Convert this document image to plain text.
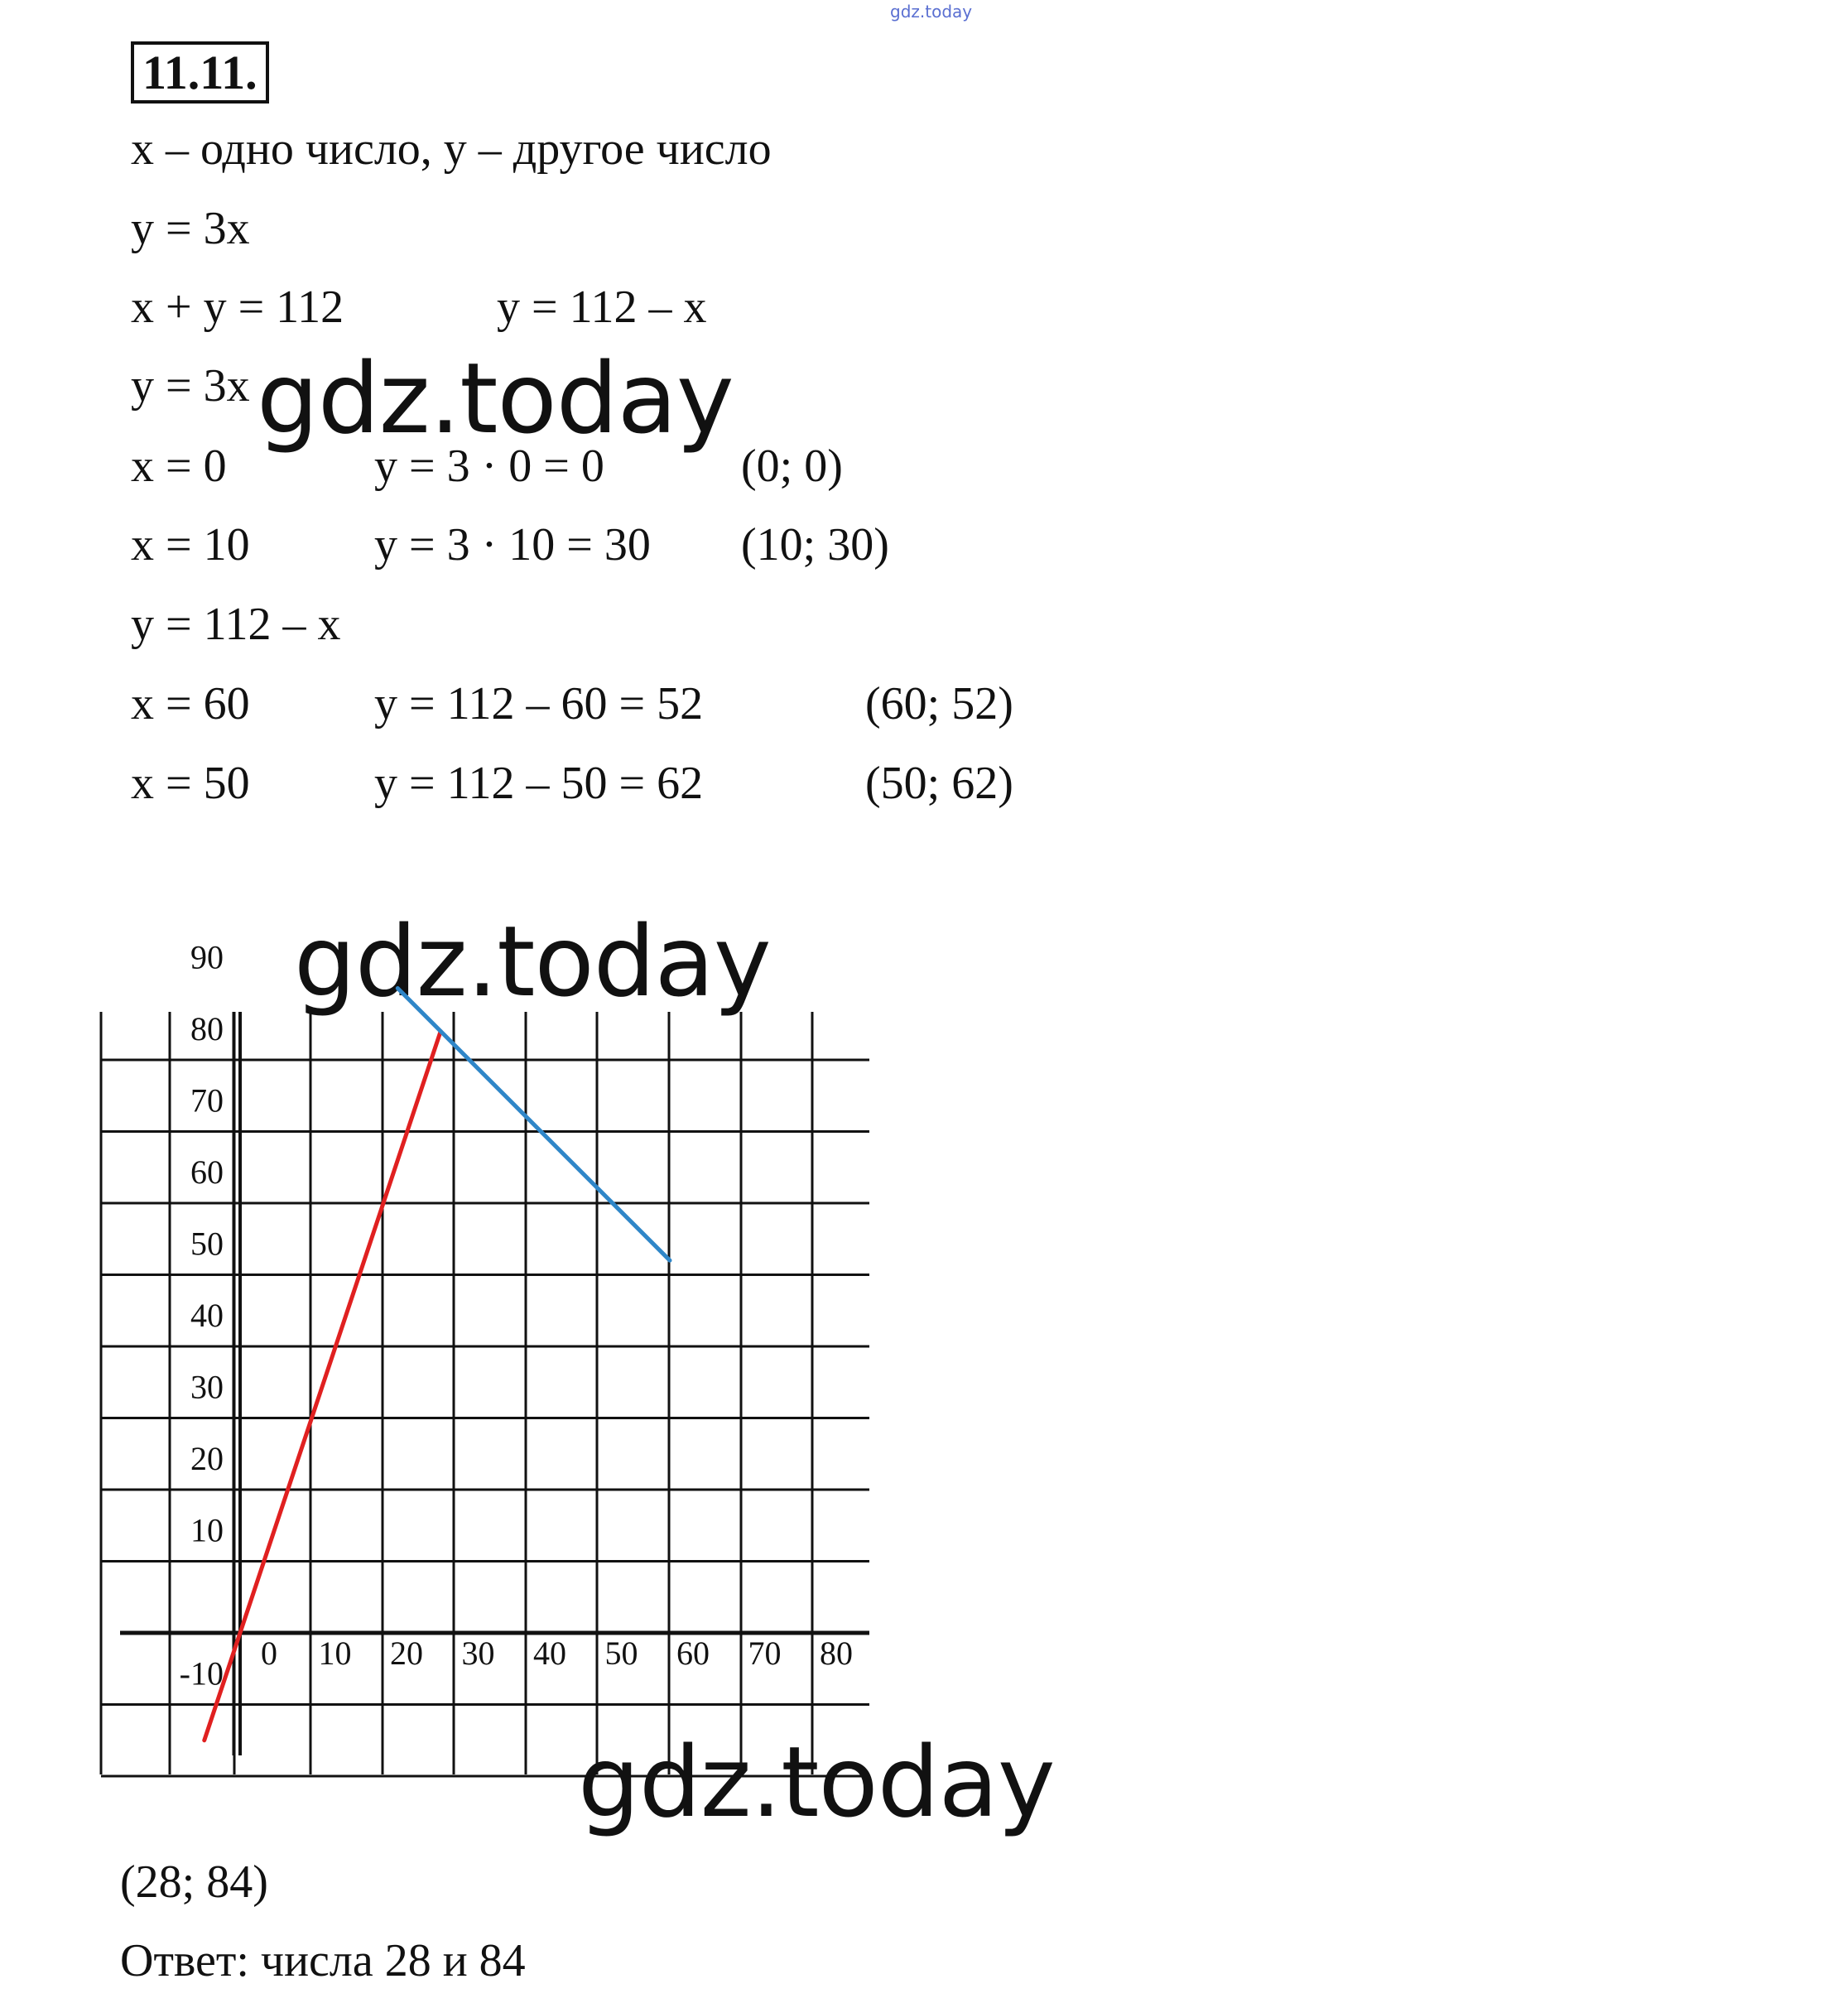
gdz.today
11.11.
x – одно число, y – другое число
y = 3x
x + y = 112	y = 112 – x
y = 3x
x = 0	y = 3 · 0 = 0	(0; 0)
x = 10	y = 3 · 10 = 30 (10; 30)
y = 112 – x
x = 60	y = 112 – 60 = 52	(60; 52)
x = 50	y = 112 – 50 = 62	(50; 62)
gdz.today
gdz.today
0 10 20 30 40 50 60 70 80
90
80
70
60
50
40
30
20
10
-10
gdz.today
(28; 84)
Ответ: числа 28 и 84
